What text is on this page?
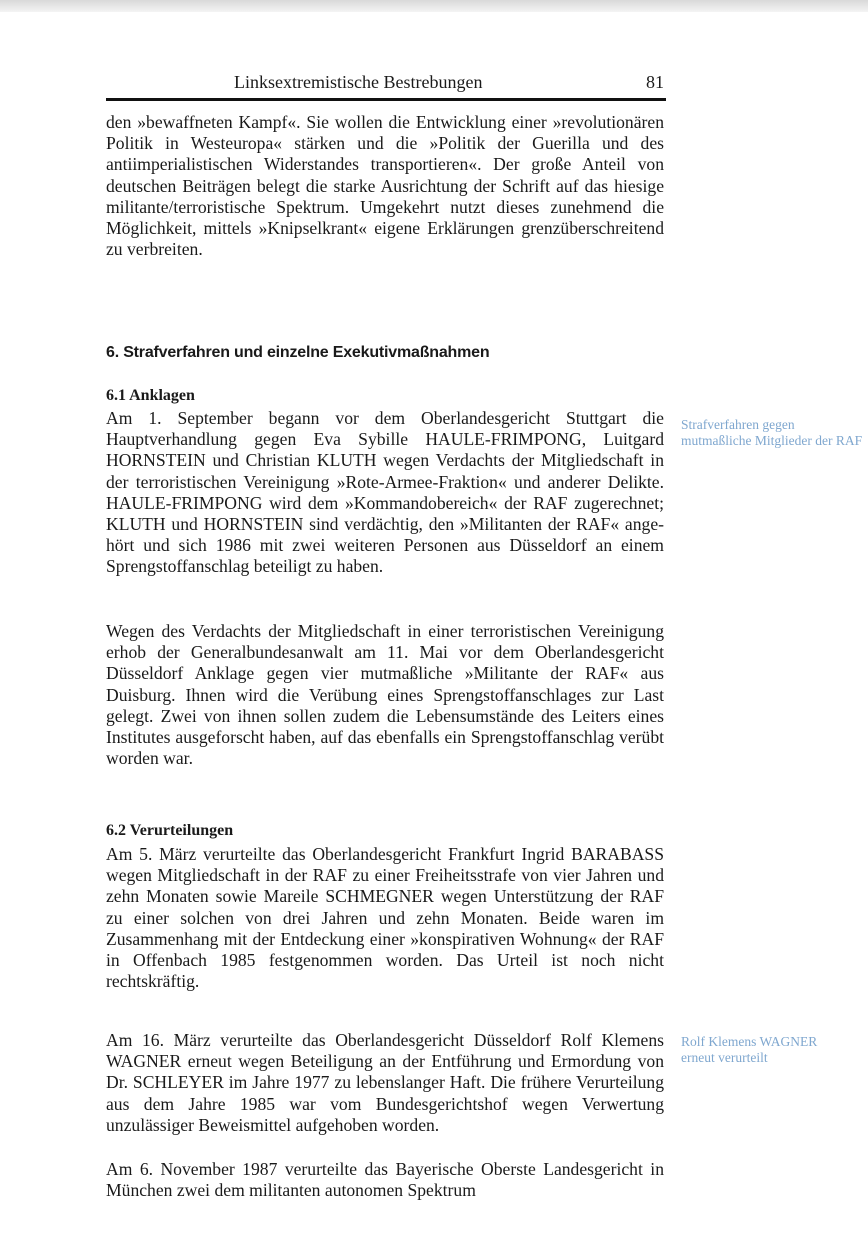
Linksextremistische Bestrebungen	81

den »bewaffneten Kampf«. Sie wollen die Entwicklung einer »revolutionären Politik in Westeuropa« stärken und die »Politik der Guerilla und des antiimperialistischen Widerstandes transportieren«. Der große Anteil von deutschen Beiträgen belegt die starke Ausrichtung der Schrift auf das hiesige militante/terroristische Spektrum. Umgekehrt nutzt dieses zunehmend die Möglichkeit, mittels »Knipselkrant« eigene Erklärungen grenzüberschreitend zu verbreiten.

6. Strafverfahren und einzelne Exekutivmaßnahmen
6.1 Anklagen

Am 1. September begann vor dem Oberlandesgericht Stuttgart die Hauptverhandlung gegen Eva Sybille HAULE-FRIMPONG, Luitgard HORNSTEIN und Christian KLUTH wegen Verdachts der Mitgliedschaft in der terroristischen Vereinigung »Rote-Armee-Fraktion« und anderer Delikte. HAULE-FRIMPONG wird dem »Kommandobereich« der RAF zugerechnet; KLUTH und HORNSTEIN sind verdächtig, den »Militanten der RAF« angehört und sich 1986 mit zwei weiteren Personen aus Düsseldorf an einem Sprengstoffanschlag beteiligt zu haben.

Wegen des Verdachts der Mitgliedschaft in einer terroristischen Vereinigung erhob der Generalbundesanwalt am 11. Mai vor dem Oberlandesgericht Düsseldorf Anklage gegen vier mutmaßliche »Militante der RAF« aus Duisburg. Ihnen wird die Verübung eines Sprengstoffanschlages zur Last gelegt. Zwei von ihnen sollen zudem die Lebensumstände des Leiters eines Institutes ausgeforscht haben, auf das ebenfalls ein Sprengstoffanschlag verübt worden war.

Strafverfahren gegen mutmaßliche Mitglieder der RAF

6.2 Verurteilungen

Am 5. März verurteilte das Oberlandesgericht Frankfurt Ingrid BARABASS wegen Mitgliedschaft in der RAF zu einer Freiheitsstrafe von vier Jahren und zehn Monaten sowie Mareile SCHMEGNER wegen Unterstützung der RAF zu einer solchen von drei Jahren und zehn Monaten. Beide waren im Zusammenhang mit der Entdeckung einer »konspirativen Wohnung« der RAF in Offenbach 1985 festgenommen worden. Das Urteil ist noch nicht rechtskräftig.

Am 16. März verurteilte das Oberlandesgericht Düsseldorf Rolf Klemens WAGNER erneut wegen Beteiligung an der Entführung und Ermordung von Dr. SCHLEYER im Jahre 1977 zu lebenslanger Haft. Die frühere Verurteilung aus dem Jahre 1985 war vom Bundesgerichtshof wegen Verwertung unzulässiger Beweismittel aufgehoben worden.

Am 6. November 1987 verurteilte das Bayerische Oberste Landesgericht in München zwei dem militanten autonomen Spektrum

Rolf Klemens WAGNER erneut verurteilt
